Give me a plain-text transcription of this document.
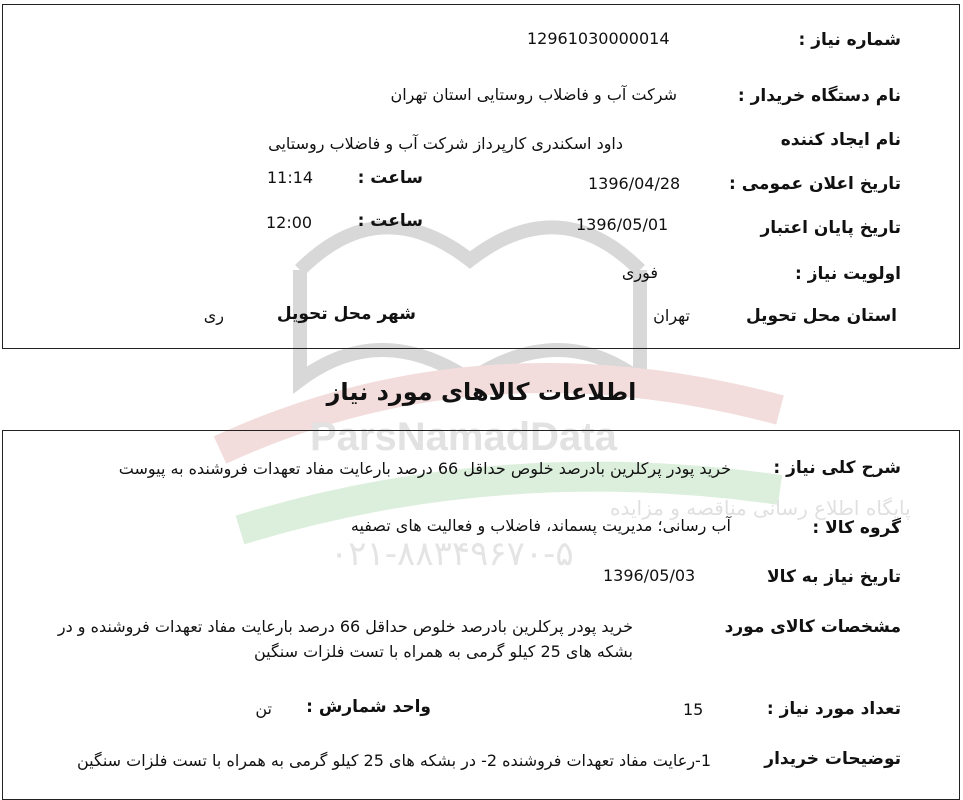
ParsNamadData
پایگاه اطلاع رسانی مناقصه و مزایده
۰۲۱-۸۸۳۴۹۶۷۰-۵
شماره نیاز :
12961030000014
نام دستگاه خریدار :
شرکت آب و فاضلاب روستایی استان تهران
نام ایجاد کننده
داود اسکندری کارپرداز شرکت آب و فاضلاب روستایی
تاریخ اعلان عمومی :
1396/04/28
ساعت :
11:14
تاریخ پایان اعتبار
1396/05/01
ساعت :
12:00
اولویت نیاز :
فوری
استان محل تحویل
تهران
شهر محل تحویل
ری
اطلاعات کالاهای مورد نیاز
شرح کلی نیاز :
خرید پودر پرکلرین بادرصد خلوص حداقل 66 درصد بارعایت مفاد تعهدات فروشنده به پیوست
گروه کالا :
آب رسانی؛ مدیریت پسماند، فاضلاب و فعالیت های تصفیه
تاریخ نیاز به کالا
1396/05/03
مشخصات کالای مورد
خرید پودر پرکلرین بادرصد خلوص حداقل 66 درصد بارعایت مفاد تعهدات فروشنده و در بشکه های 25 کیلو گرمی به همراه با تست فلزات سنگین
تعداد مورد نیاز :
15
واحد شمارش :
تن
توضیحات خریدار
1-رعایت مفاد تعهدات فروشنده 2- در بشکه های 25 کیلو گرمی به همراه با تست فلزات سنگین
